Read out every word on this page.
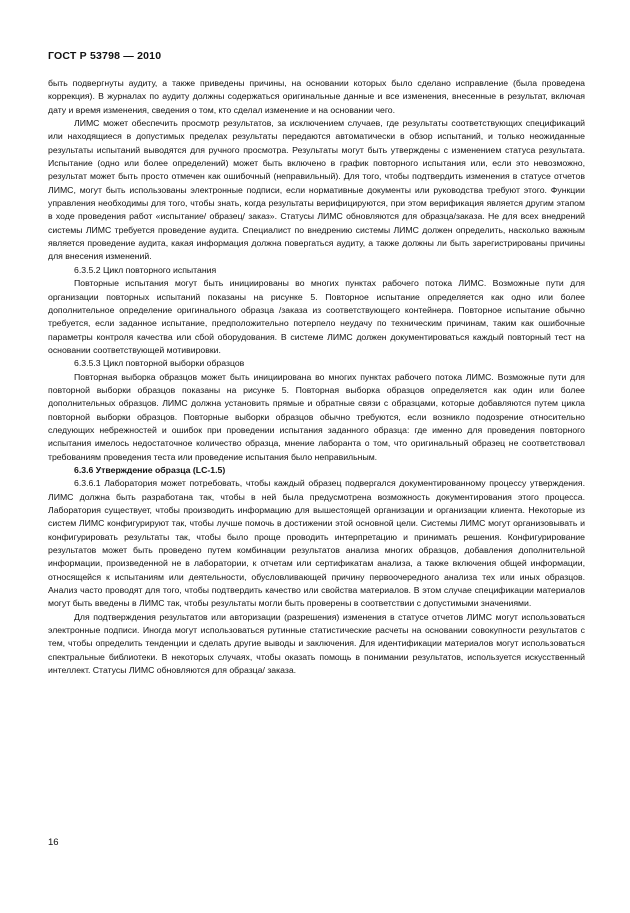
ГОСТ Р 53798 — 2010

быть подвергнуты аудиту, а также приведены причины, на основании которых было сделано исправление (была проведена коррекция). В журналах по аудиту должны содержаться оригинальные данные и все изменения, внесенные в результат, включая дату и время изменения, сведения о том, кто сделал изменение и на основании чего.

ЛИМС может обеспечить просмотр результатов, за исключением случаев, где результаты соответствующих спецификаций или находящиеся в допустимых пределах результаты передаются автоматически в обзор испытаний, и только неожиданные результаты испытаний выводятся для ручного просмотра. Результаты могут быть утверждены с изменением статуса результата. Испытание (одно или более определений) может быть включено в график повторного испытания или, если это невозможно, результат может быть просто отмечен как ошибочный (неправильный). Для того, чтобы подтвердить изменения в статусе отчетов ЛИМС, могут быть использованы электронные подписи, если нормативные документы или руководства требуют этого. Функции управления необходимы для того, чтобы знать, когда результаты верифицируются, при этом верификация является другим этапом в ходе проведения работ «испытание/ образец/ заказ». Статусы ЛИМС обновляются для образца/заказа. Не для всех внедрений системы ЛИМС требуется проведение аудита. Специалист по внедрению системы ЛИМС должен определить, насколько важным является проведение аудита, какая информация должна повергаться аудиту, а также должны ли быть зарегистрированы причины для внесения изменений.

6.3.5.2 Цикл повторного испытания

Повторные испытания могут быть инициированы во многих пунктах рабочего потока ЛИМС. Возможные пути для организации повторных испытаний показаны на рисунке 5. Повторное испытание определяется как одно или более дополнительное определение оригинального образца /заказа из соответствующего контейнера. Повторное испытание обычно требуется, если заданное испытание, предположительно потерпело неудачу по техническим причинам, таким как ошибочные параметры контроля качества или сбой оборудования. В системе ЛИМС должен документироваться каждый повторный тест на основании соответствующей мотивировки.

6.3.5.3 Цикл повторной выборки образцов

Повторная выборка образцов может быть инициирована во многих пунктах рабочего потока ЛИМС. Возможные пути для повторной выборки образцов показаны на рисунке 5. Повторная выборка образцов определяется как один или более дополнительных образцов. ЛИМС должна установить прямые и обратные связи с образцами, которые добавляются путем цикла повторной выборки образцов. Повторные выборки образцов обычно требуются, если возникло подозрение относительно следующих небрежностей и ошибок при проведении испытания заданного образца: где именно для проведения повторного испытания имелось недостаточное количество образца, мнение лаборанта о том, что оригинальный образец не соответствовал требованиям проведения теста или проведение испытания было неправильным.

6.3.6 Утверждение образца (LC-1.5)

6.3.6.1 Лаборатория может потребовать, чтобы каждый образец подвергался документированному процессу утверждения. ЛИМС должна быть разработана так, чтобы в ней была предусмотрена возможность документирования этого процесса. Лаборатория существует, чтобы производить информацию для вышестоящей организации и организации клиента. Некоторые из систем ЛИМС конфигурируют так, чтобы лучше помочь в достижении этой основной цели. Системы ЛИМС могут организовывать и конфигурировать результаты так, чтобы было проще проводить интерпретацию и принимать решения. Конфигурирование результатов может быть проведено путем комбинации результатов анализа многих образцов, добавления дополнительной информации, произведенной не в лаборатории, к отчетам или сертификатам анализа, а также включения общей информации, относящейся к испытаниям или деятельности, обусловливающей причину первоочередного анализа тех или иных образцов. Анализ часто проводят для того, чтобы подтвердить качество или свойства материалов. В этом случае спецификации материалов могут быть введены в ЛИМС так, чтобы результаты могли быть проверены в соответствии с допустимыми значениями.

Для подтверждения результатов или авторизации (разрешения) изменения в статусе отчетов ЛИМС могут использоваться электронные подписи. Иногда могут использоваться рутинные статистические расчеты на основании совокупности результатов с тем, чтобы определить тенденции и сделать другие выводы и заключения. Для идентификации материалов могут использоваться спектральные библиотеки. В некоторых случаях, чтобы оказать помощь в понимании результатов, используется искусственный интеллект. Статусы ЛИМС обновляются для образца/ заказа.

16
